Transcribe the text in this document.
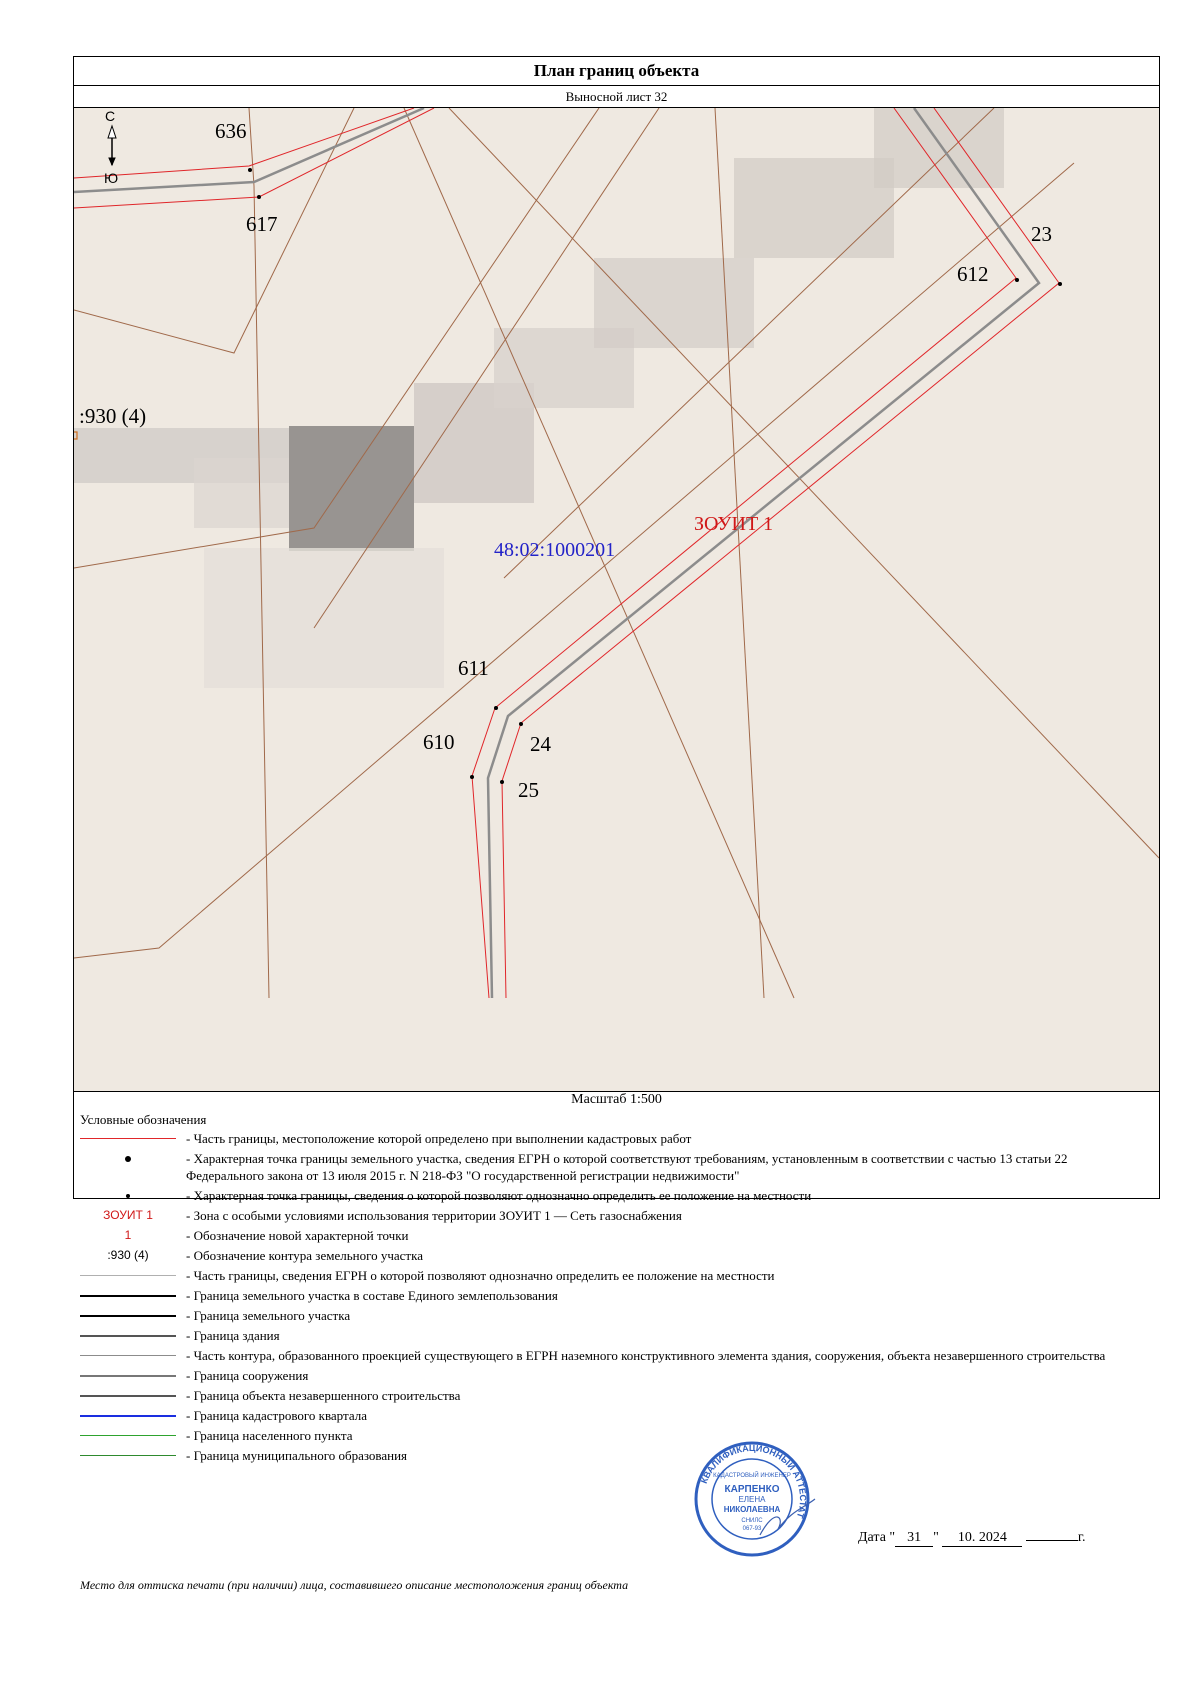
План границ объекта
Выносной лист 32
С
Ю
636
617	23
612
611
610	24
25
:930 (4)
48:02:1000201
ЗОУИТ 1
Масштаб 1:500
Условные обозначения
- Часть границы, местоположение которой определено при выполнении кадастровых работ
- Характерная точка границы земельного участка, сведения ЕГРН о которой соответствуют требованиям, установленным в соответствии с частью 13 статьи 22 Федерального закона от 13 июля 2015 г. N 218-ФЗ "О государственной регистрации недвижимости"
- Характерная точка границы, сведения о которой позволяют однозначно определить ее положение на местности
ЗОУИТ 1	- Зона с особыми условиями использования территории ЗОУИТ 1 — Сеть газоснабжения
1	- Обозначение новой характерной точки
:930 (4)	- Обозначение контура земельного участка
- Часть границы, сведения ЕГРН о которой позволяют однозначно определить ее положение на местности
- Граница земельного участка в составе Единого землепользования
- Граница земельного участка
- Граница здания
- Часть контура, образованного проекцией существующего в ЕГРН наземного конструктивного элемента здания, сооружения, объекта незавершенного строительства
- Граница сооружения
- Граница объекта незавершенного строительства
- Граница кадастрового квартала
- Граница населенного пункта
- Граница муниципального образования
КВАЛИФИКАЦИОННЫЙ АТТЕСТАТ
КАДАСТРОВЫЙ ИНЖЕНЕР
КАРПЕНКО
ЕЛЕНА
НИКОЛАЕВНА
СНИЛС
067-93
Дата " 31 " 10. 2024	г.
Место для оттиска печати (при наличии) лица, составившего описание местоположения границ объекта
